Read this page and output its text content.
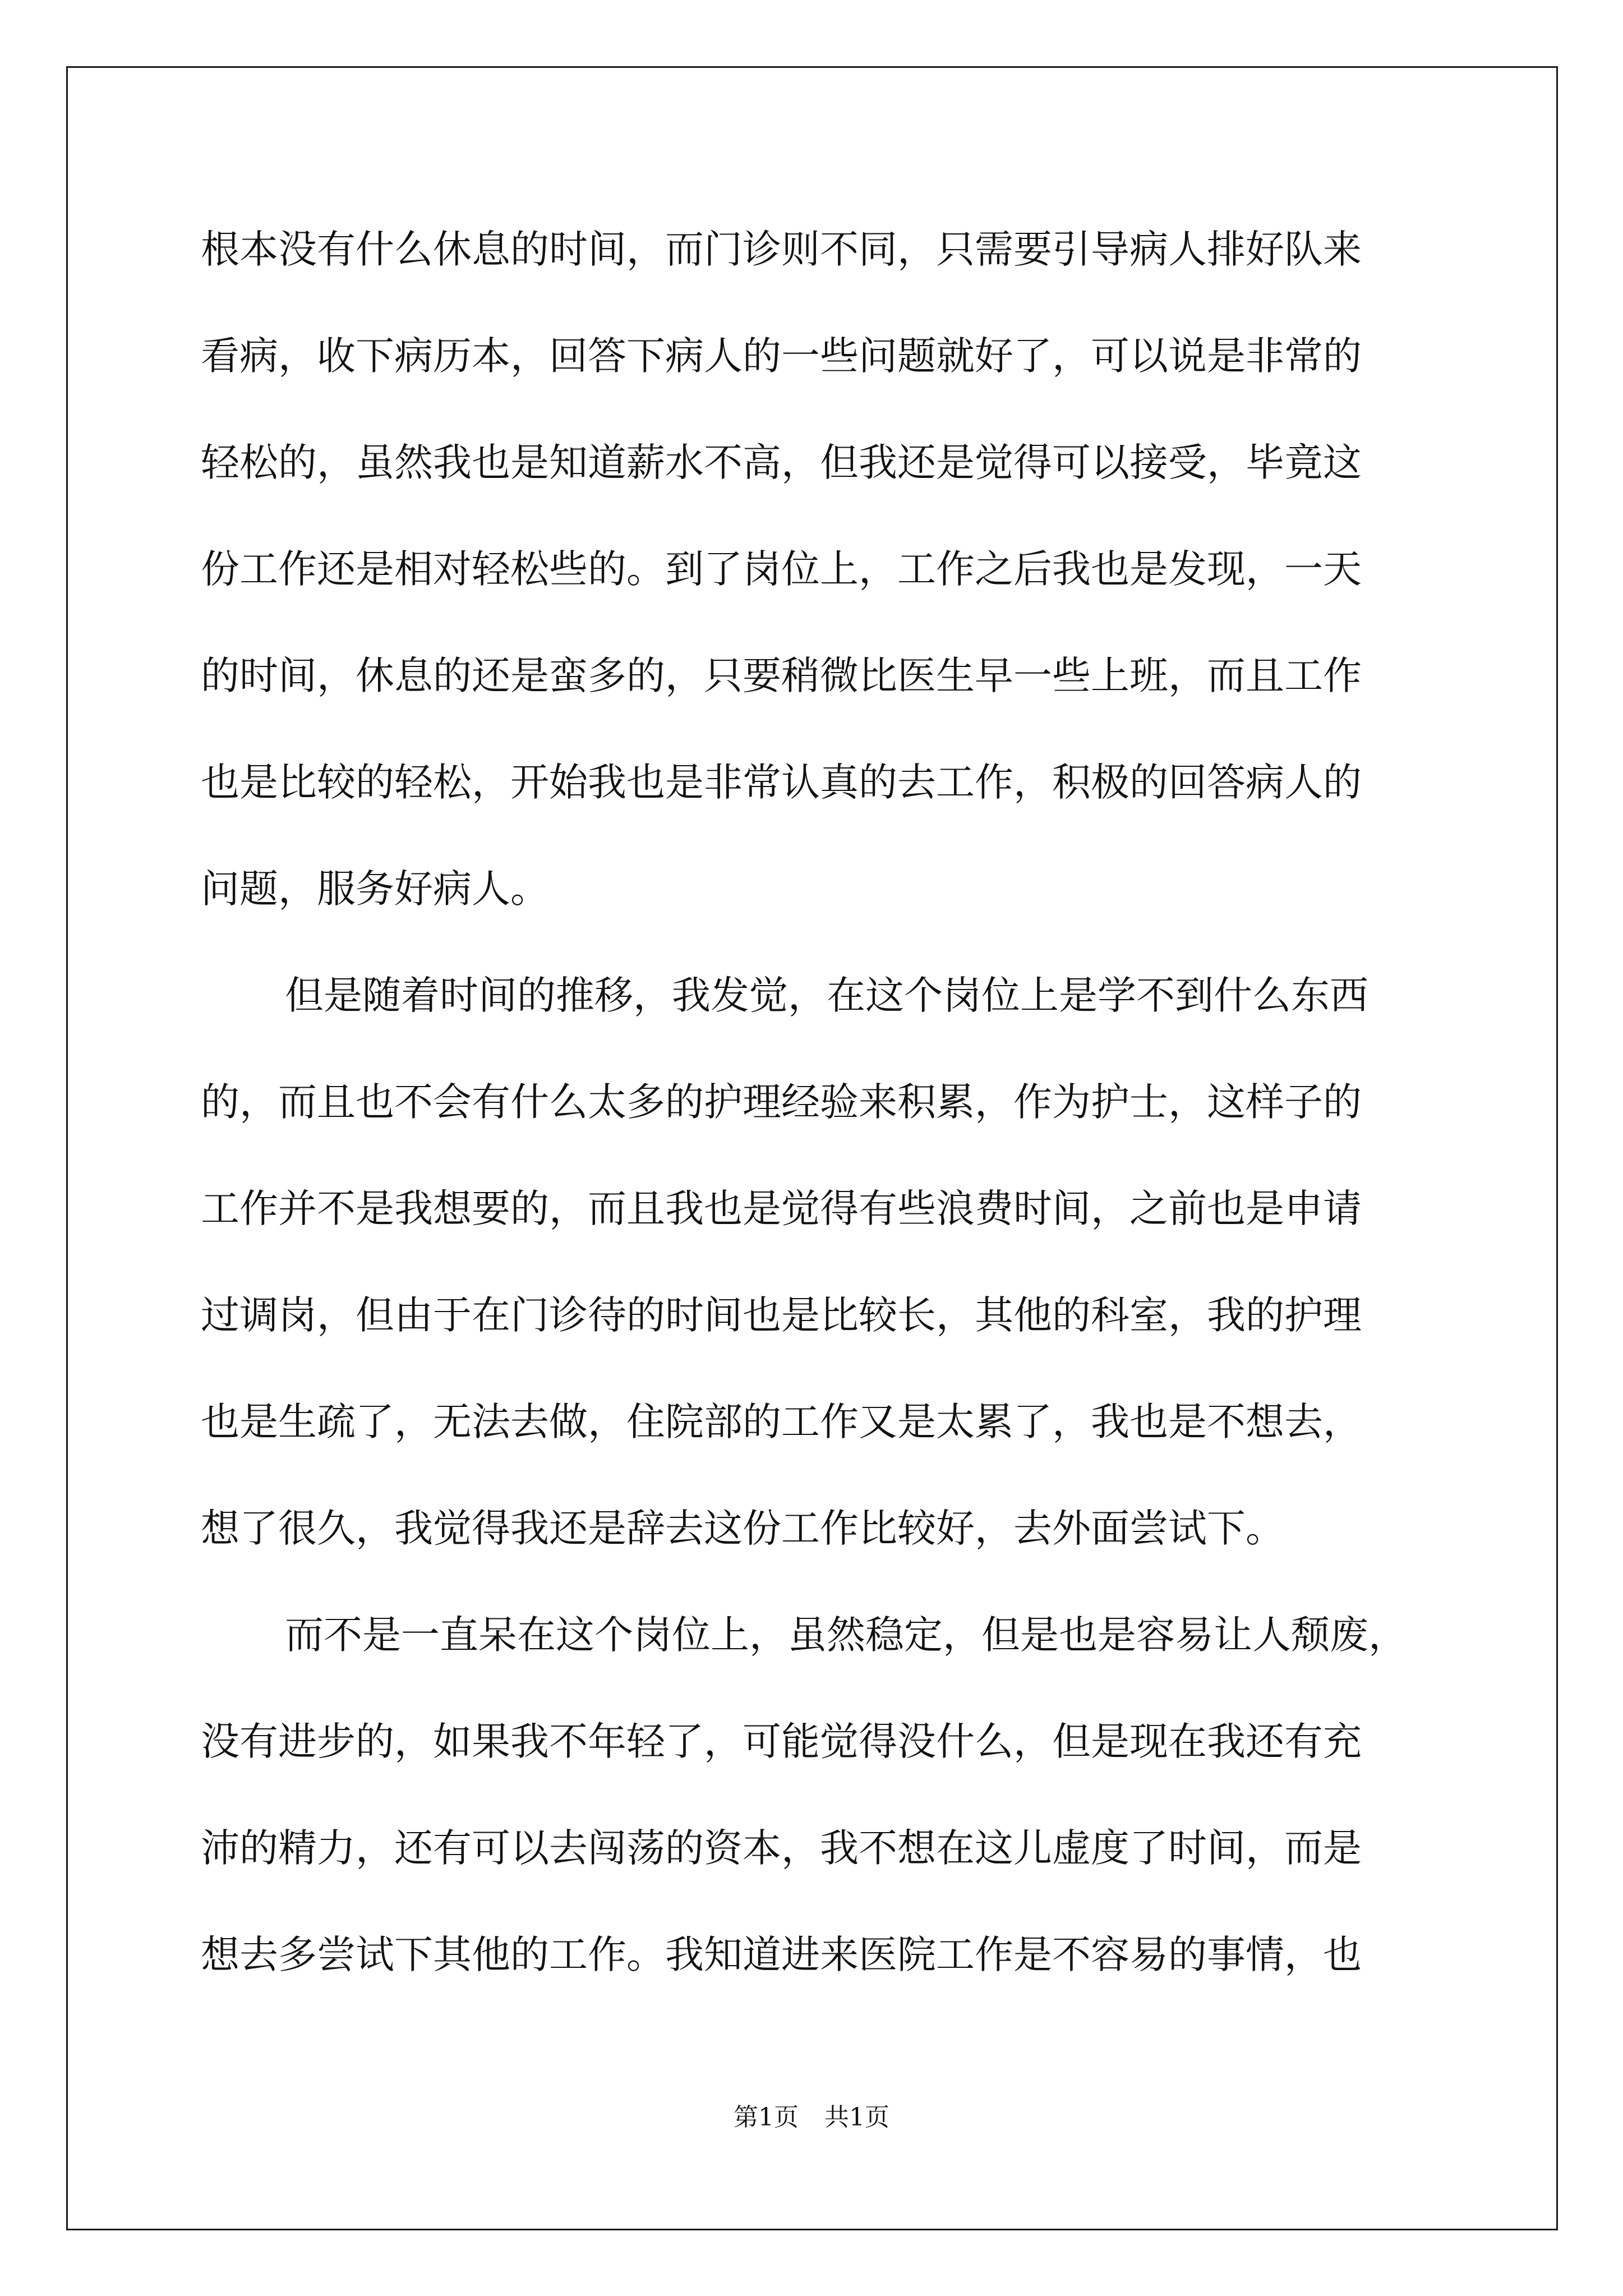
根本没有什么休息的时间，而门诊则不同，只需要引导病人排好队来
看病，收下病历本，回答下病人的一些问题就好了，可以说是非常的
轻松的，虽然我也是知道薪水不高，但我还是觉得可以接受，毕竟这
份工作还是相对轻松些的。到了岗位上，工作之后我也是发现，一天
的时间，休息的还是蛮多的，只要稍微比医生早一些上班，而且工作
也是比较的轻松，开始我也是非常认真的去工作，积极的回答病人的
问题，服务好病人。
但是随着时间的推移，我发觉，在这个岗位上是学不到什么东西
的，而且也不会有什么太多的护理经验来积累，作为护士，这样子的
工作并不是我想要的，而且我也是觉得有些浪费时间，之前也是申请
过调岗，但由于在门诊待的时间也是比较长，其他的科室，我的护理
也是生疏了，无法去做，住院部的工作又是太累了，我也是不想去，
想了很久，我觉得我还是辞去这份工作比较好，去外面尝试下。
而不是一直呆在这个岗位上，虽然稳定，但是也是容易让人颓废，
没有进步的，如果我不年轻了，可能觉得没什么，但是现在我还有充
沛的精力，还有可以去闯荡的资本，我不想在这儿虚度了时间，而是
想去多尝试下其他的工作。我知道进来医院工作是不容易的事情，也
第1页 共1页
